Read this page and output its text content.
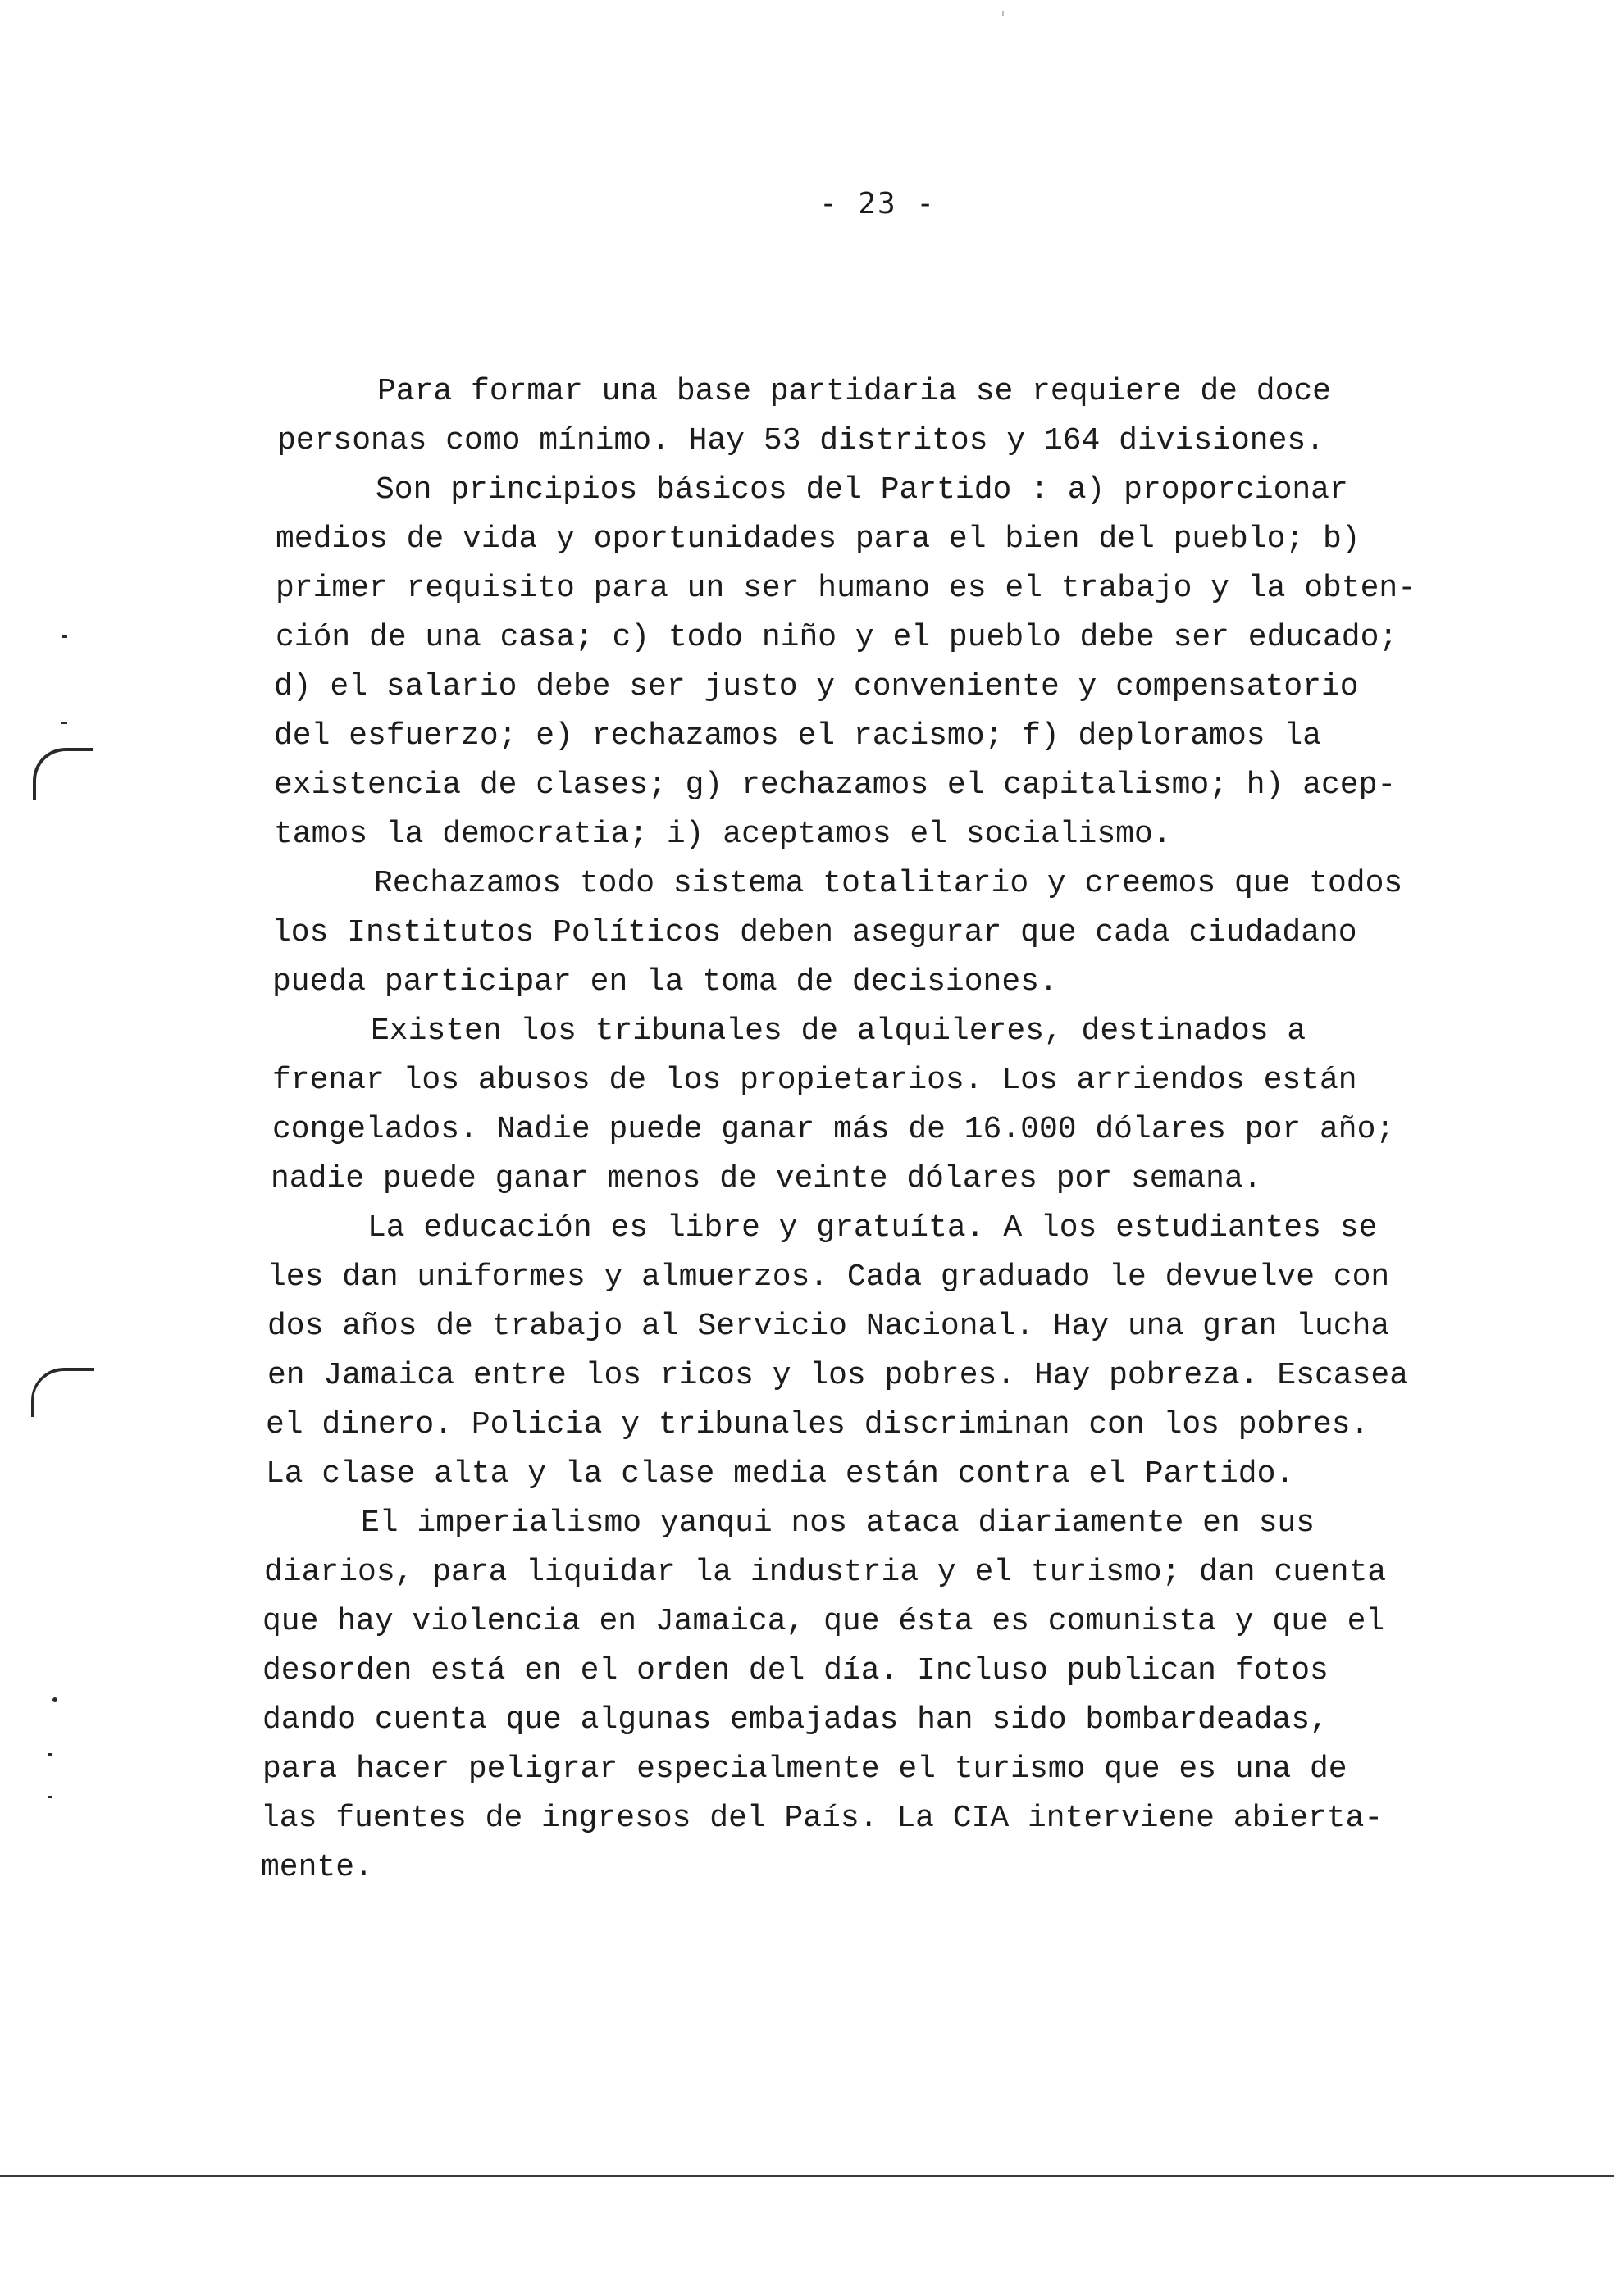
- 23 -
Para formar una base partidaria se requiere de doce
personas como mínimo. Hay 53 distritos y 164 divisiones.
Son principios básicos del Partido : a) proporcionar
medios de vida y oportunidades para el bien del pueblo; b)
primer requisito para un ser humano es el trabajo y la obten-
ción de una casa; c) todo niño y el pueblo debe ser educado;
d) el salario debe ser justo y conveniente y compensatorio
del esfuerzo; e) rechazamos el racismo; f) deploramos la
existencia de clases; g) rechazamos el capitalismo; h) acep-
tamos la democratia; i) aceptamos el socialismo.
Rechazamos todo sistema totalitario y creemos que todos
los Institutos Políticos deben asegurar que cada ciudadano
pueda participar en la toma de decisiones.
Existen los tribunales de alquileres, destinados a
frenar los abusos de los propietarios. Los arriendos están
congelados. Nadie puede ganar más de 16.000 dólares por año;
nadie puede ganar menos de veinte dólares por semana.
La educación es libre y gratuíta. A los estudiantes se
les dan uniformes y almuerzos. Cada graduado le devuelve con
dos años de trabajo al Servicio Nacional. Hay una gran lucha
en Jamaica entre los ricos y los pobres. Hay pobreza. Escasea
el dinero. Policia y tribunales discriminan con los pobres.
La clase alta y la clase media están contra el Partido.
El imperialismo yanqui nos ataca diariamente en sus
diarios, para liquidar la industria y el turismo; dan cuenta
que hay violencia en Jamaica, que ésta es comunista y que el
desorden está en el orden del día. Incluso publican fotos
dando cuenta que algunas embajadas han sido bombardeadas,
para hacer peligrar especialmente el turismo que es una de
las fuentes de ingresos del País. La CIA interviene abierta-
mente.
